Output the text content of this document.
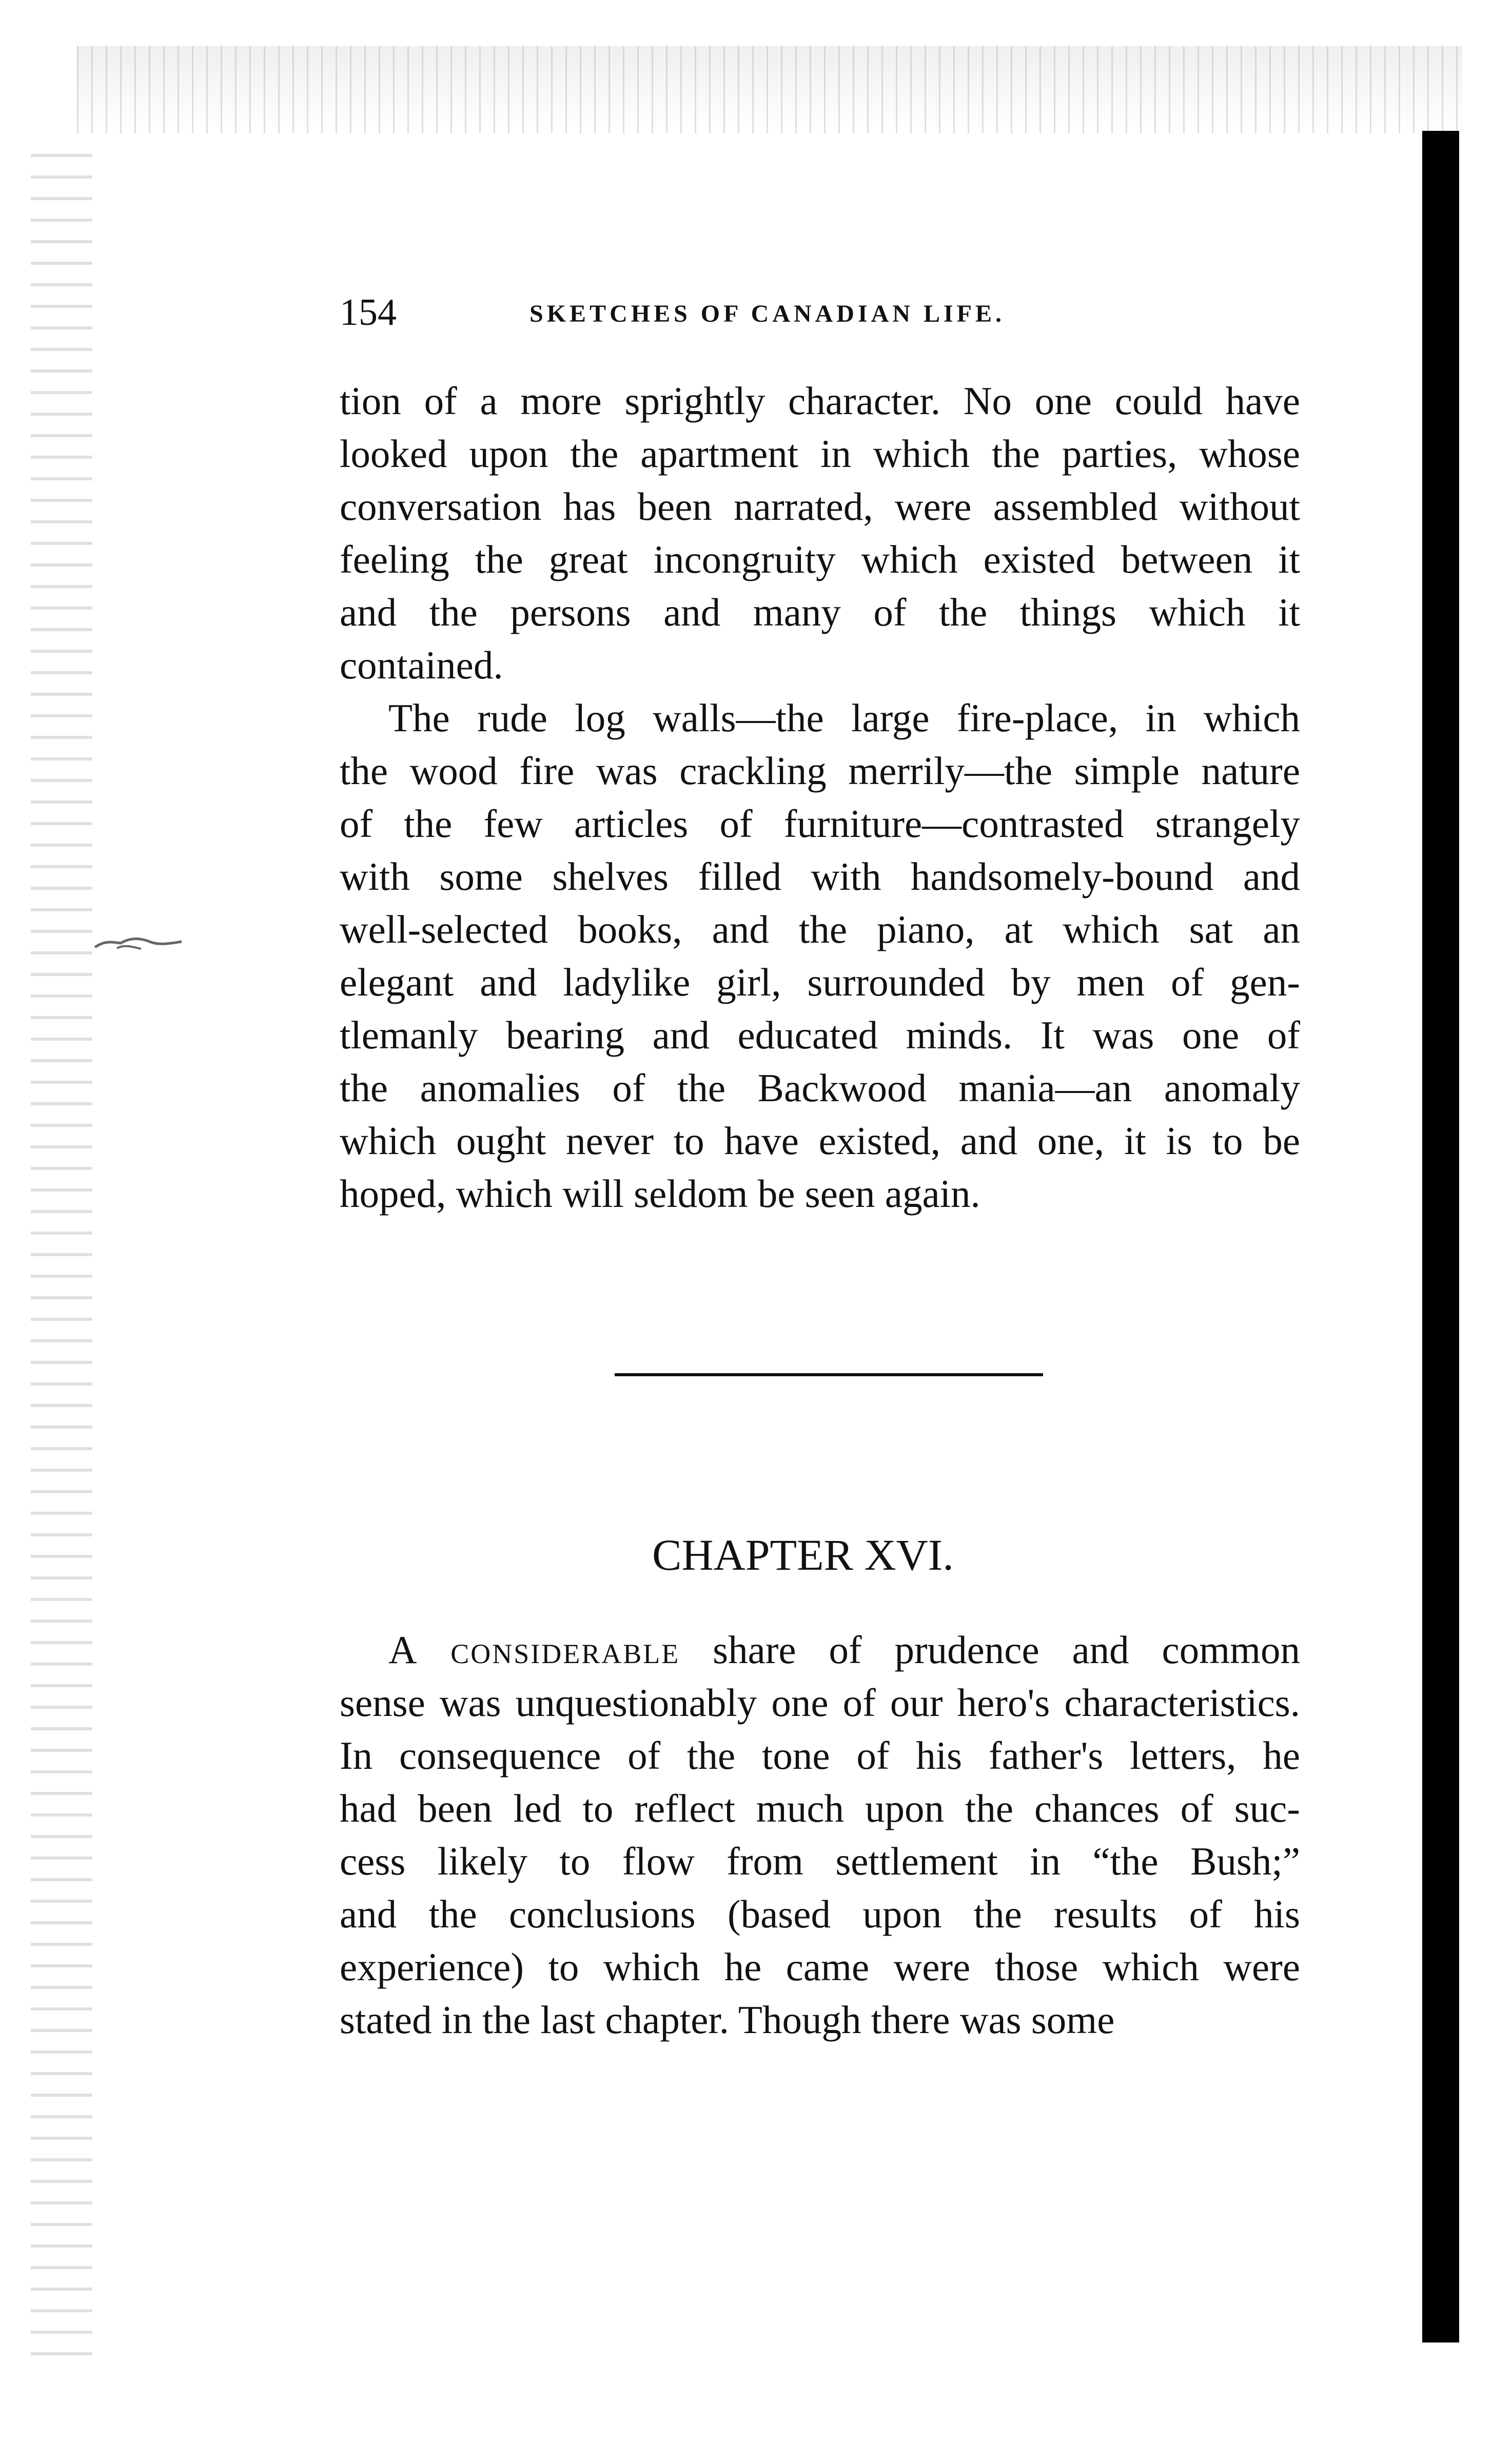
154	SKETCHES OF CANADIAN LIFE.
tion of a more sprightly character. No one could have
looked upon the apartment in which the parties, whose
conversation has been narrated, were assembled without
feeling the great incongruity which existed between it
and the persons and many of the things which it
contained.
The rude log walls—the large fire-place, in which
the wood fire was crackling merrily—the simple nature
of the few articles of furniture—contrasted strangely
with some shelves filled with handsomely-bound and
well-selected books, and the piano, at which sat an
elegant and ladylike girl, surrounded by men of gen-
tlemanly bearing and educated minds. It was one of
the anomalies of the Backwood mania—an anomaly
which ought never to have existed, and one, it is to be
hoped, which will seldom be seen again.
CHAPTER XVI.
A considerable share of prudence and common
sense was unquestionably one of our hero's characteristics.
In consequence of the tone of his father's letters, he
had been led to reflect much upon the chances of suc-
cess likely to flow from settlement in “the Bush;”
and the conclusions (based upon the results of his
experience) to which he came were those which were
stated in the last chapter. Though there was some
